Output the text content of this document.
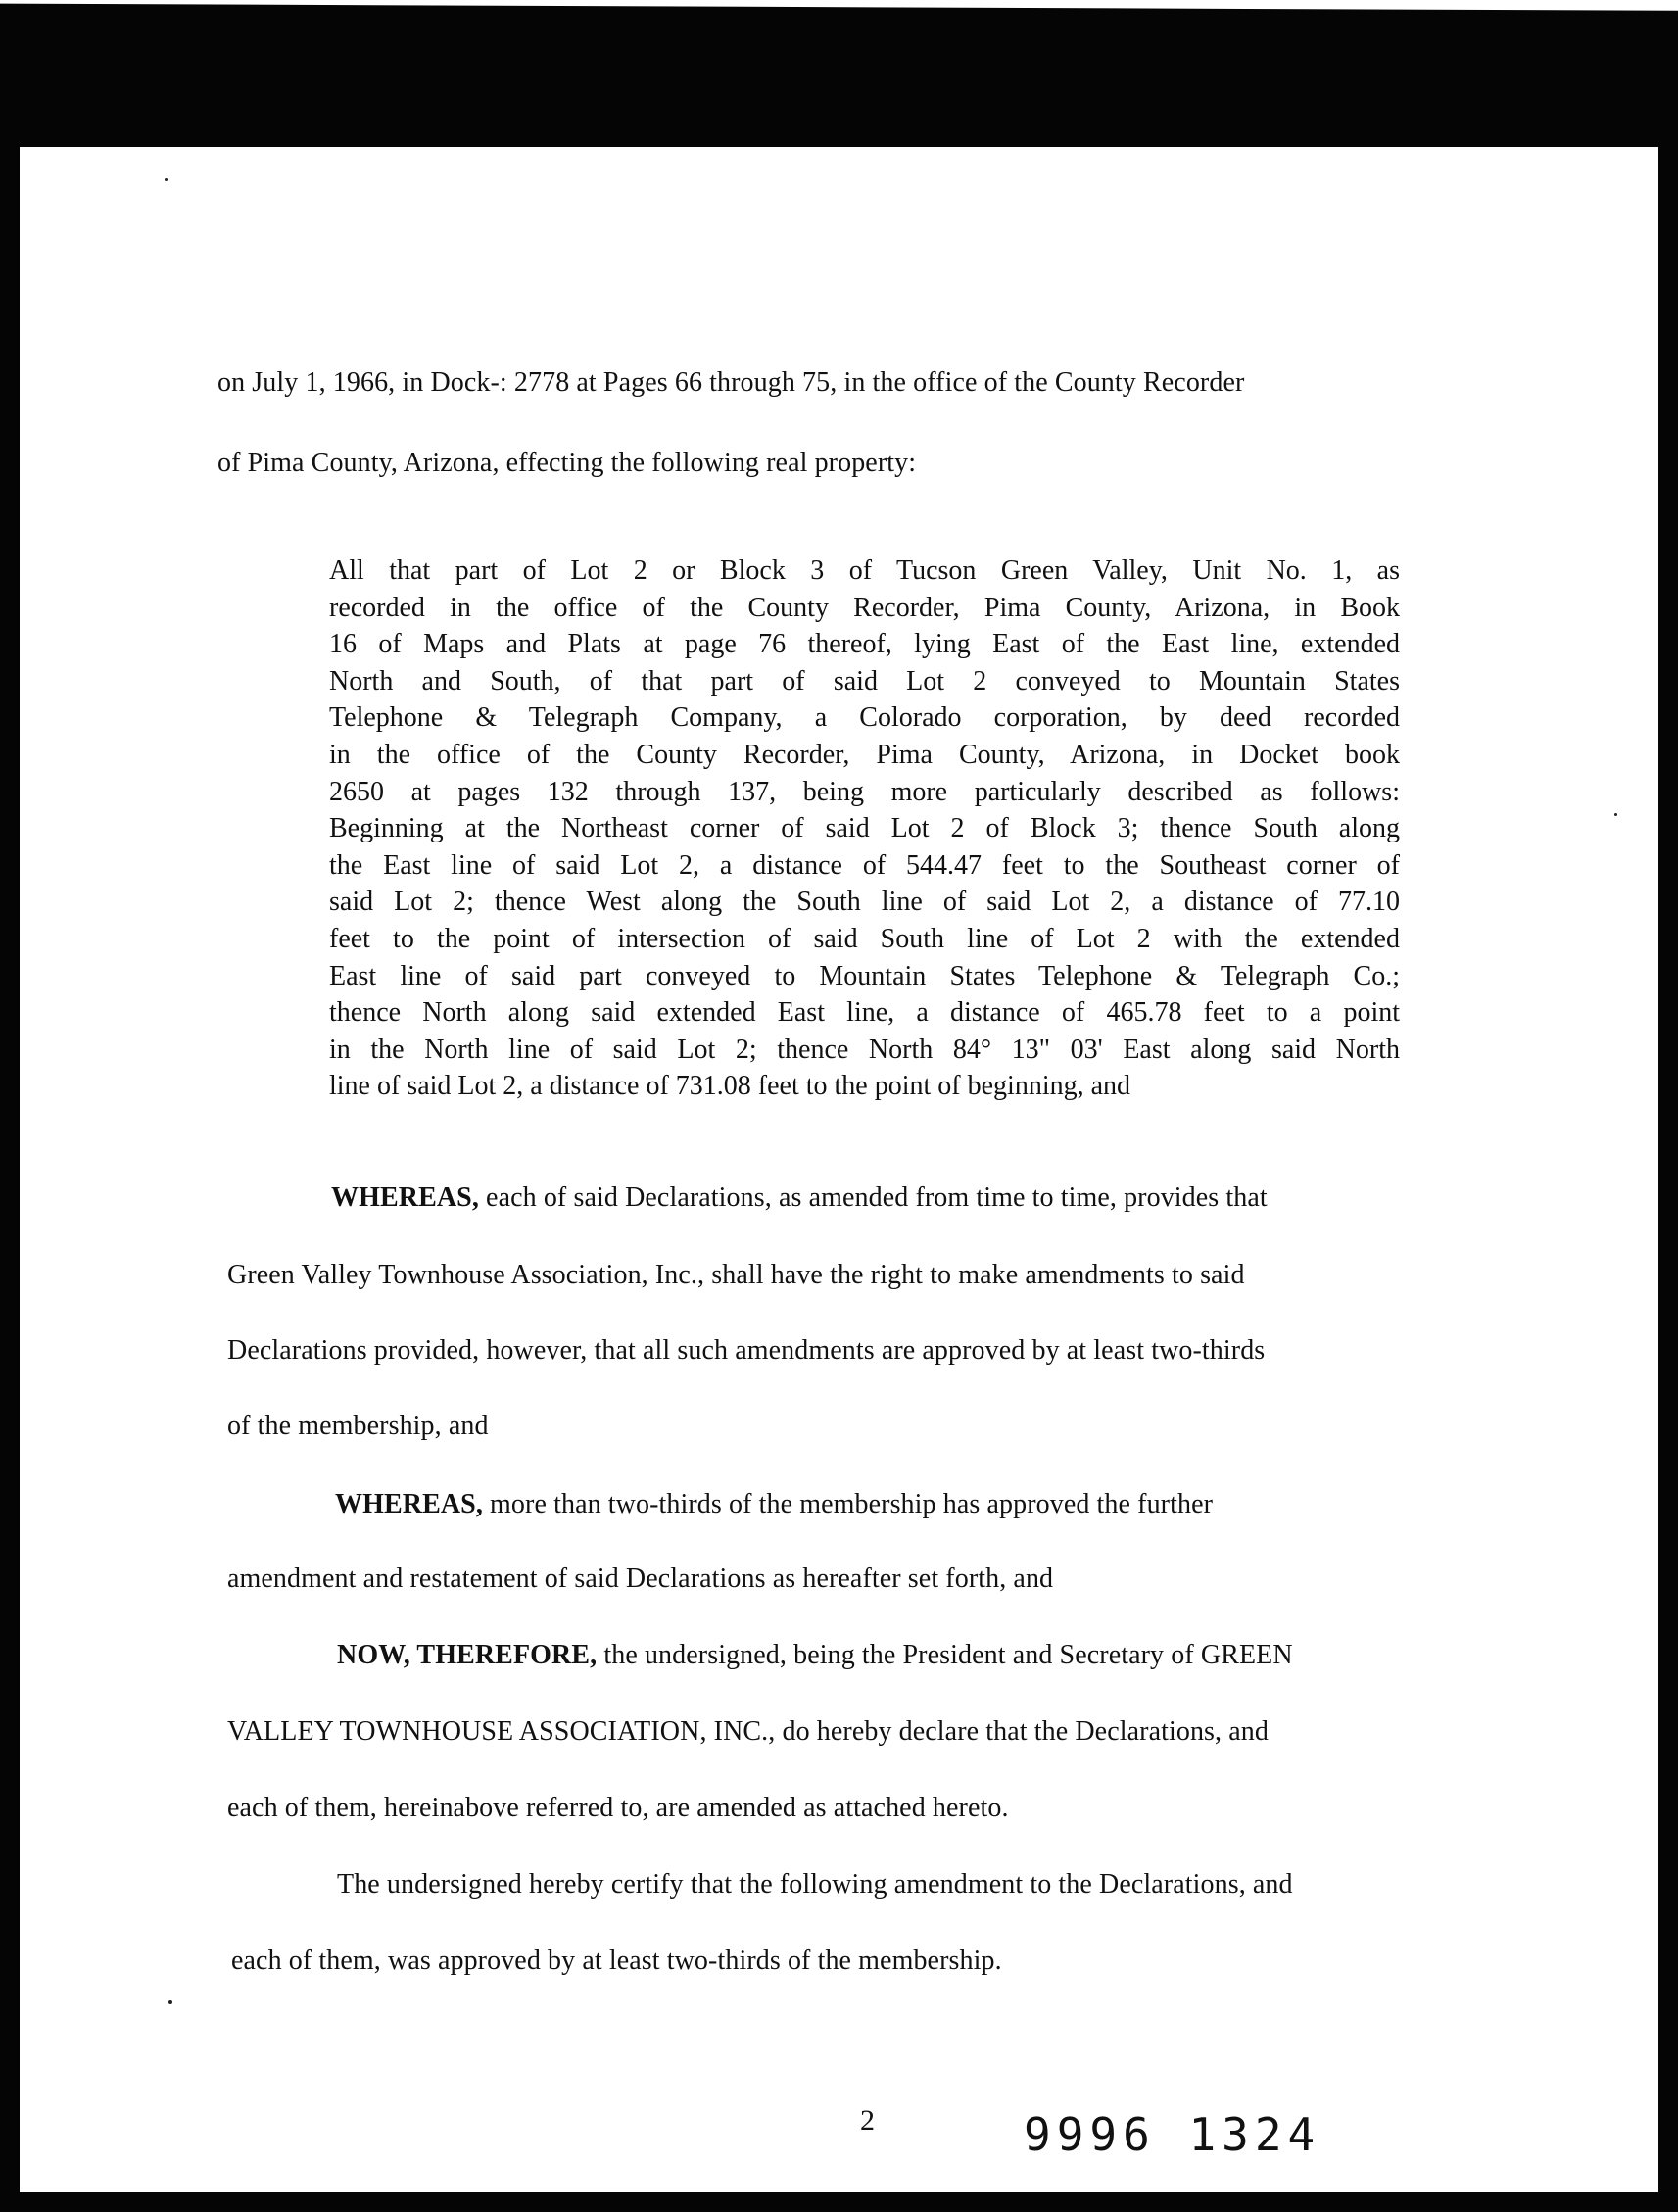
on July 1, 1966, in Dock‑: 2778 at Pages 66 through 75, in the office of the County Recorder
of Pima County, Arizona, effecting the following real property:
All that part of Lot 2 or Block 3 of Tucson Green Valley, Unit No. 1, as
recorded in the office of the County Recorder, Pima County, Arizona, in Book
16 of Maps and Plats at page 76 thereof, lying East of the East line, extended
North and South, of that part of said Lot 2 conveyed to Mountain States
Telephone & Telegraph Company, a Colorado corporation, by deed recorded
in the office of the County Recorder, Pima County, Arizona, in Docket book
2650 at pages 132 through 137, being more particularly described as follows:
Beginning at the Northeast corner of said Lot 2 of Block 3; thence South along
the East line of said Lot 2, a distance of 544.47 feet to the Southeast corner of
said Lot 2; thence West along the South line of said Lot 2, a distance of 77.10
feet to the point of intersection of said South line of Lot 2 with the extended
East line of said part conveyed to Mountain States Telephone & Telegraph Co.;
thence North along said extended East line, a distance of 465.78 feet to a point
in the North line of said Lot 2; thence North 84° 13" 03' East along said North
line of said Lot 2, a distance of 731.08 feet to the point of beginning, and
WHEREAS, each of said Declarations, as amended from time to time, provides that
Green Valley Townhouse Association, Inc., shall have the right to make amendments to said
Declarations provided, however, that all such amendments are approved by at least two-thirds
of the membership, and
WHEREAS, more than two-thirds of the membership has approved the further
amendment and restatement of said Declarations as hereafter set forth, and
NOW, THEREFORE, the undersigned, being the President and Secretary of GREEN
VALLEY TOWNHOUSE ASSOCIATION, INC., do hereby declare that the Declarations, and
each of them, hereinabove referred to, are amended as attached hereto.
The undersigned hereby certify that the following amendment to the Declarations, and
each of them, was approved by at least two-thirds of the membership.
2	9996 1324
